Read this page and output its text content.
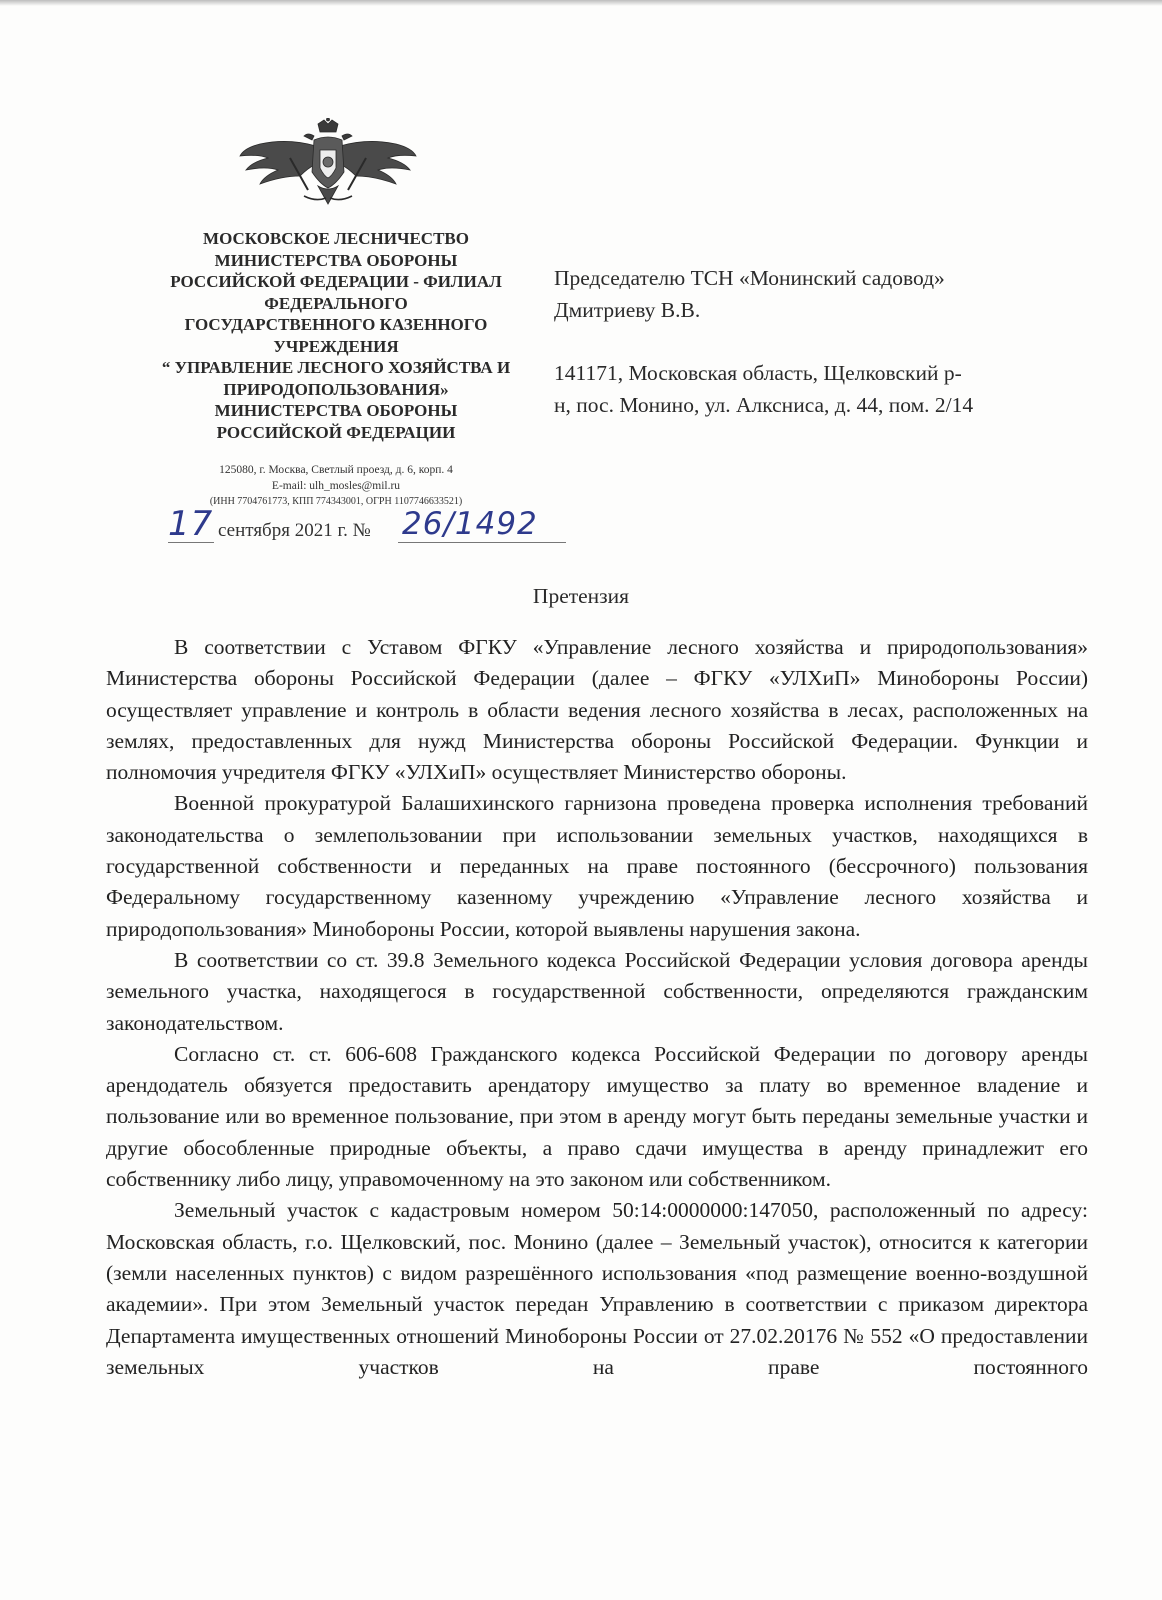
МОСКОВСКОЕ ЛЕСНИЧЕСТВО
МИНИСТЕРСТВА ОБОРОНЫ
РОССИЙСКОЙ ФЕДЕРАЦИИ - ФИЛИАЛ
ФЕДЕРАЛЬНОГО
ГОСУДАРСТВЕННОГО КАЗЕННОГО
УЧРЕЖДЕНИЯ
“ УПРАВЛЕНИЕ ЛЕСНОГО ХОЗЯЙСТВА И
ПРИРОДОПОЛЬЗОВАНИЯ»
МИНИСТЕРСТВА ОБОРОНЫ
РОССИЙСКОЙ ФЕДЕРАЦИИ
125080, г. Москва, Светлый проезд, д. 6, корп. 4
E-mail: ulh_mosles@mil.ru
(ИНН 7704761773, КПП 774343001, ОГРН 1107746633521)
17 сентября 2021 г. № 26/1492
Председателю ТСН «Монинский садовод»
Дмитриеву В.В.
141171, Московская область, Щелковский р-
н, пос. Монино, ул. Алксниса, д. 44, пом. 2/14
Претензия

В соответствии с Уставом ФГКУ «Управление лесного хозяйства и природопользования» Министерства обороны Российской Федерации (далее – ФГКУ «УЛХиП» Минобороны России) осуществляет управление и контроль в области ведения лесного хозяйства в лесах, расположенных на землях, предоставленных для нужд Министерства обороны Российской Федерации. Функции и полномочия учредителя ФГКУ «УЛХиП» осуществляет Министерство обороны.

Военной прокуратурой Балашихинского гарнизона проведена проверка исполнения требований законодательства о землепользовании при использовании земельных участков, находящихся в государственной собственности и переданных на праве постоянного (бессрочного) пользования Федеральному государственному казенному учреждению «Управление лесного хозяйства и природопользования» Минобороны России, которой выявлены нарушения закона.

В соответствии со ст. 39.8 Земельного кодекса Российской Федерации условия договора аренды земельного участка, находящегося в государственной собственности, определяются гражданским законодательством.

Согласно ст. ст. 606-608 Гражданского кодекса Российской Федерации по договору аренды арендодатель обязуется предоставить арендатору имущество за плату во временное владение и пользование или во временное пользование, при этом в аренду могут быть переданы земельные участки и другие обособленные природные объекты, а право сдачи имущества в аренду принадлежит его собственнику либо лицу, управомоченному на это законом или собственником.

Земельный участок с кадастровым номером 50:14:0000000:147050, расположенный по адресу: Московская область, г.о. Щелковский, пос. Монино (далее – Земельный участок), относится к категории (земли населенных пунктов) с видом разрешённого использования «под размещение военно-воздушной академии». При этом Земельный участок передан Управлению в соответствии с приказом директора Департамента имущественных отношений Минобороны России от 27.02.20176 № 552 «О предоставлении земельных участков на праве постоянного
